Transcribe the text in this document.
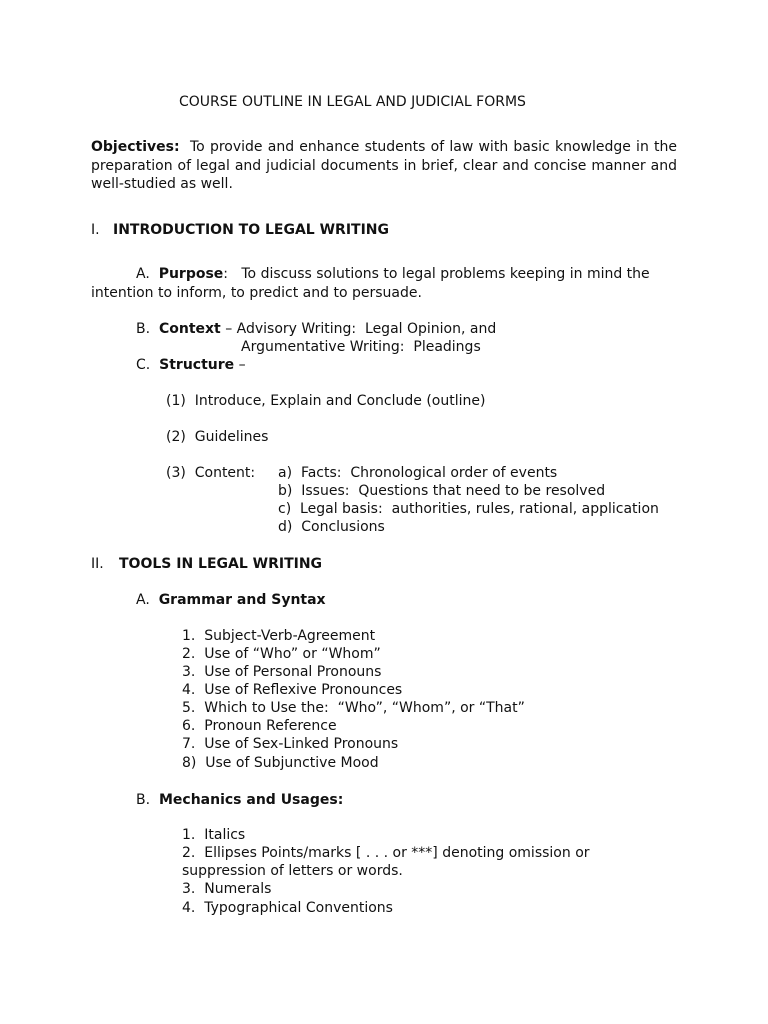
COURSE OUTLINE IN LEGAL AND JUDICIAL FORMS
Objectives: To provide and enhance students of law with basic knowledge in the preparation of legal and judicial documents in brief, clear and concise manner and well-studied as well.
I. INTRODUCTION TO LEGAL WRITING
A. Purpose: To discuss solutions to legal problems keeping in mind the
intention to inform, to predict and to persuade.
B. Context – Advisory Writing:  Legal Opinion, and
Argumentative Writing:  Pleadings
C. Structure –
(1)  Introduce, Explain and Conclude (outline)
(2)  Guidelines
(3)  Content: a)  Facts:  Chronological order of events
b)  Issues:  Questions that need to be resolved
c)  Legal basis:  authorities, rules, rational, application
d)  Conclusions
II. TOOLS IN LEGAL WRITING
A. Grammar and Syntax
1.  Subject-Verb-Agreement
2.  Use of “Who” or “Whom”
3.  Use of Personal Pronouns
4.  Use of Reflexive Pronounces
5.  Which to Use the:  “Who”, “Whom”, or “That”
6.  Pronoun Reference
7.  Use of Sex-Linked Pronouns
8)  Use of Subjunctive Mood
B. Mechanics and Usages:
1.  Italics
2.  Ellipses Points/marks [ . . . or ***] denoting omission or
suppression of letters or words.
3.  Numerals
4.  Typographical Conventions
